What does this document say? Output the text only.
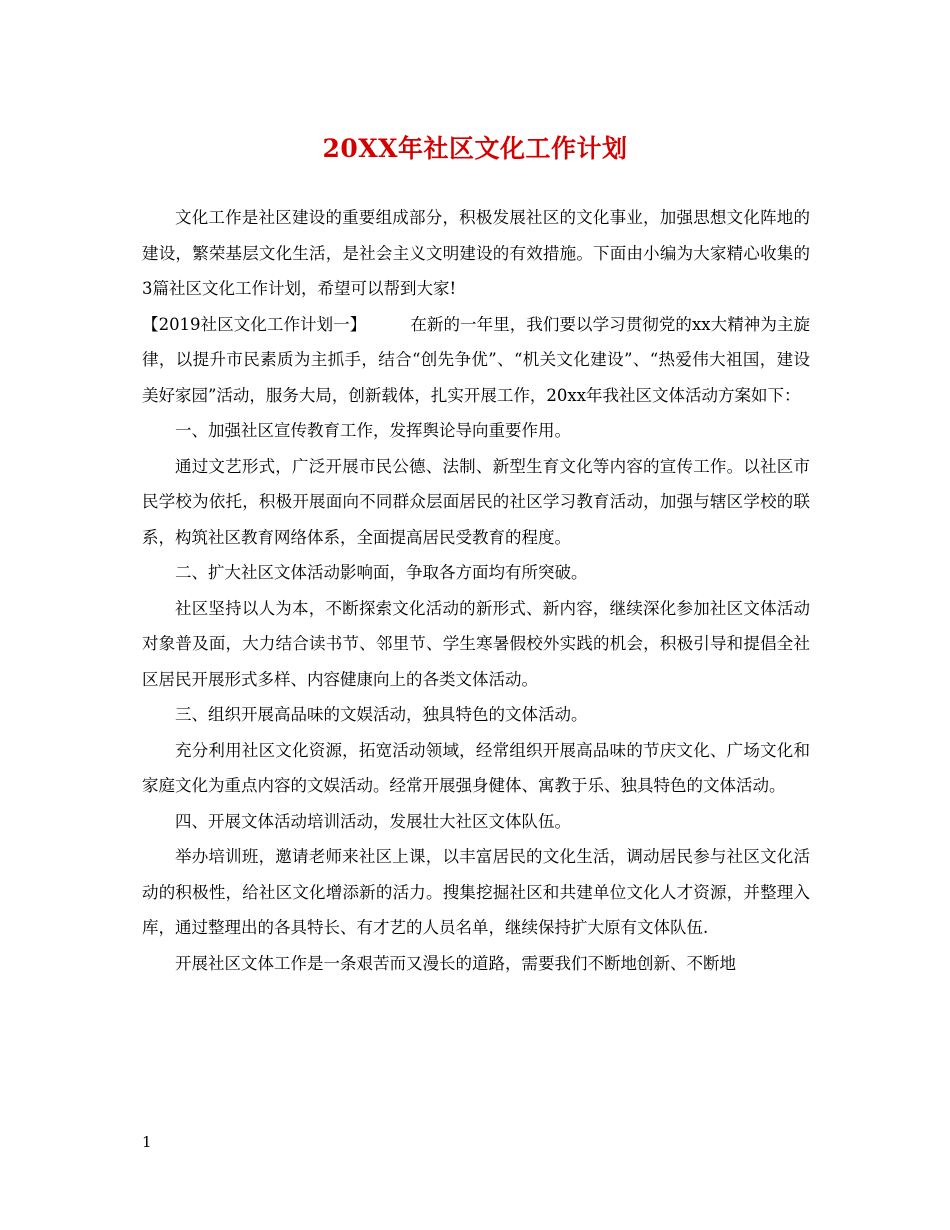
20XX年社区文化工作计划

文化工作是社区建设的重要组成部分，积极发展社区的文化事业，加强思想文化阵地的建设，繁荣基层文化生活，是社会主义文明建设的有效措施。下面由小编为大家精心收集的3篇社区文化工作计划，希望可以帮到大家!

【2019社区文化工作计划一】	在新的一年里，我们要以学习贯彻党的xx大精神为主旋律，以提升市民素质为主抓手，结合“创先争优”、“机关文化建设”、“热爱伟大祖国，建设美好家园”活动，服务大局，创新载体，扎实开展工作，20xx年我社区文体活动方案如下：

一、加强社区宣传教育工作，发挥舆论导向重要作用。

通过文艺形式，广泛开展市民公德、法制、新型生育文化等内容的宣传工作。以社区市民学校为依托，积极开展面向不同群众层面居民的社区学习教育活动，加强与辖区学校的联系，构筑社区教育网络体系，全面提高居民受教育的程度。

二、扩大社区文体活动影响面，争取各方面均有所突破。

社区坚持以人为本，不断探索文化活动的新形式、新内容，继续深化参加社区文体活动对象普及面，大力结合读书节、邻里节、学生寒暑假校外实践的机会，积极引导和提倡全社区居民开展形式多样、内容健康向上的各类文体活动。

三、组织开展高品味的文娱活动，独具特色的文体活动。

充分利用社区文化资源，拓宽活动领域，经常组织开展高品味的节庆文化、广场文化和家庭文化为重点内容的文娱活动。经常开展强身健体、寓教于乐、独具特色的文体活动。

四、开展文体活动培训活动，发展壮大社区文体队伍。

举办培训班，邀请老师来社区上课，以丰富居民的文化生活，调动居民参与社区文化活动的积极性，给社区文化增添新的活力。搜集挖掘社区和共建单位文化人才资源，并整理入库，通过整理出的各具特长、有才艺的人员名单，继续保持扩大原有文体队伍.

开展社区文体工作是一条艰苦而又漫长的道路，需要我们不断地创新、不断地

1
